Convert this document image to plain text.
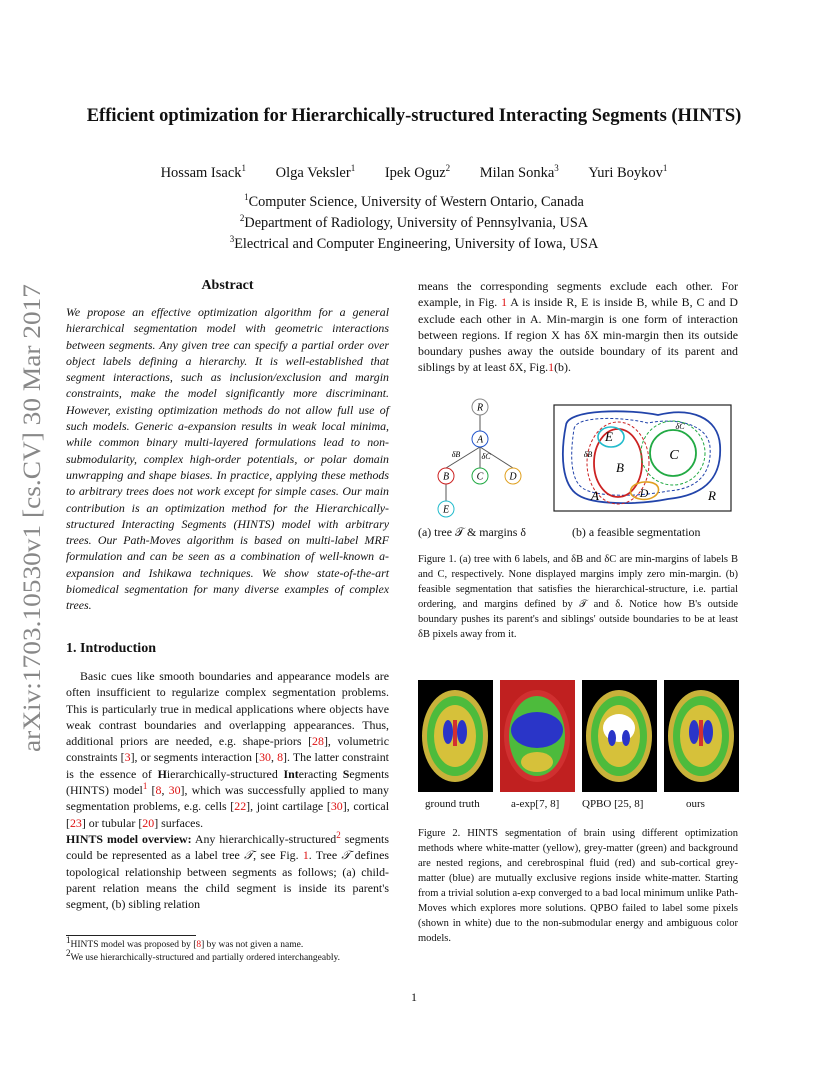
Efficient optimization for Hierarchically-structured Interacting Segments (HINTS)
Hossam Isack$^1$ Olga Veksler$^1$ Ipek Oguz$^2$ Milan Sonka$^3$ Yuri Boykov$^1$
$^1$Computer Science, University of Western Ontario, Canada
$^2$Department of Radiology, University of Pennsylvania, USA
$^3$Electrical and Computer Engineering, University of Iowa, USA
arXiv:1703.10530v1 [cs.CV] 30 Mar 2017
Abstract
We propose an effective optimization algorithm for a general hierarchical segmentation model with geometric interactions between segments. Any given tree can specify a partial order over object labels defining a hierarchy. It is well-established that segment interactions, such as inclusion/exclusion and margin constraints, make the model significantly more discriminant. However, existing optimization methods do not allow full use of such models. Generic a-expansion results in weak local minima, while common binary multi-layered formulations lead to non-submodularity, complex high-order potentials, or polar domain unwrapping and shape biases. In practice, applying these methods to arbitrary trees does not work except for simple cases. Our main contribution is an optimization method for the Hierarchically-structured Interacting Segments (HINTS) model with arbitrary trees. Our Path-Moves algorithm is based on multi-label MRF formulation and can be seen as a combination of well-known a-expansion and Ishikawa techniques. We show state-of-the-art biomedical segmentation for many diverse examples of complex trees.
1. Introduction
Basic cues like smooth boundaries and appearance models are often insufficient to regularize complex segmentation problems. This is particularly true in medical applications where objects have weak contrast boundaries and overlapping appearances. Thus, additional priors are needed, e.g. shape-priors [28], volumetric constraints [3], or segments interaction [30, 8]. The latter constraint is the essence of Hierarchically-structured Interacting Segments (HINTS) model$^1$ [8, 30], which was successfully applied to many segmentation problems, e.g. cells [22], joint cartilage [30], cortical [23] or tubular [20] surfaces.
HINTS model overview: Any hierarchically-structured$^2$ segments could be represented as a label tree 𝒯, see Fig. 1. Tree 𝒯 defines topological relationship between segments as follows; (a) child-parent relation means the child segment is inside its parent's segment, (b) sibling relation
$^1$HINTS model was proposed by [8] by was not given a name.
$^2$We use hierarchically-structured and partially ordered interchangeably.
means the corresponding segments exclude each other. For example, in Fig. 1 A is inside R, E is inside B, while B, C and D exclude each other in A. Min-margin is one form of interaction between regions. If region X has δX min-margin then its outside boundary pushes away the outside boundary of its parent and siblings by at least δX, Fig.1(b).
R
A
B	C	D
E
δB	δC
E
B
C
A	D	R
δB
δC
(a) tree 𝒯 & margins δ	(b) a feasible segmentation
Figure 1. (a) tree with 6 labels, and δB and δC are min-margins of labels B and C, respectively. None displayed margins imply zero min-margin. (b) feasible segmentation that satisfies the hierarchical-structure, i.e. partial ordering, and margins defined by 𝒯 and δ. Notice how B's outside boundary pushes its parent's and siblings' outside boundaries to be at least δB pixels away from it.
ground truth	a-exp[7, 8] QPBO [25, 8]	ours
Figure 2. HINTS segmentation of brain using different optimization methods where white-matter (yellow), grey-matter (green) and background are nested regions, and cerebrospinal fluid (red) and sub-cortical grey-matter (blue) are mutually exclusive regions inside white-matter. Starting from a trivial solution a-exp converged to a bad local minimum unlike Path-Moves which explores more solutions. QPBO failed to label some pixels (shown in white) due to the non-submodular energy and ambiguous color models.
1
